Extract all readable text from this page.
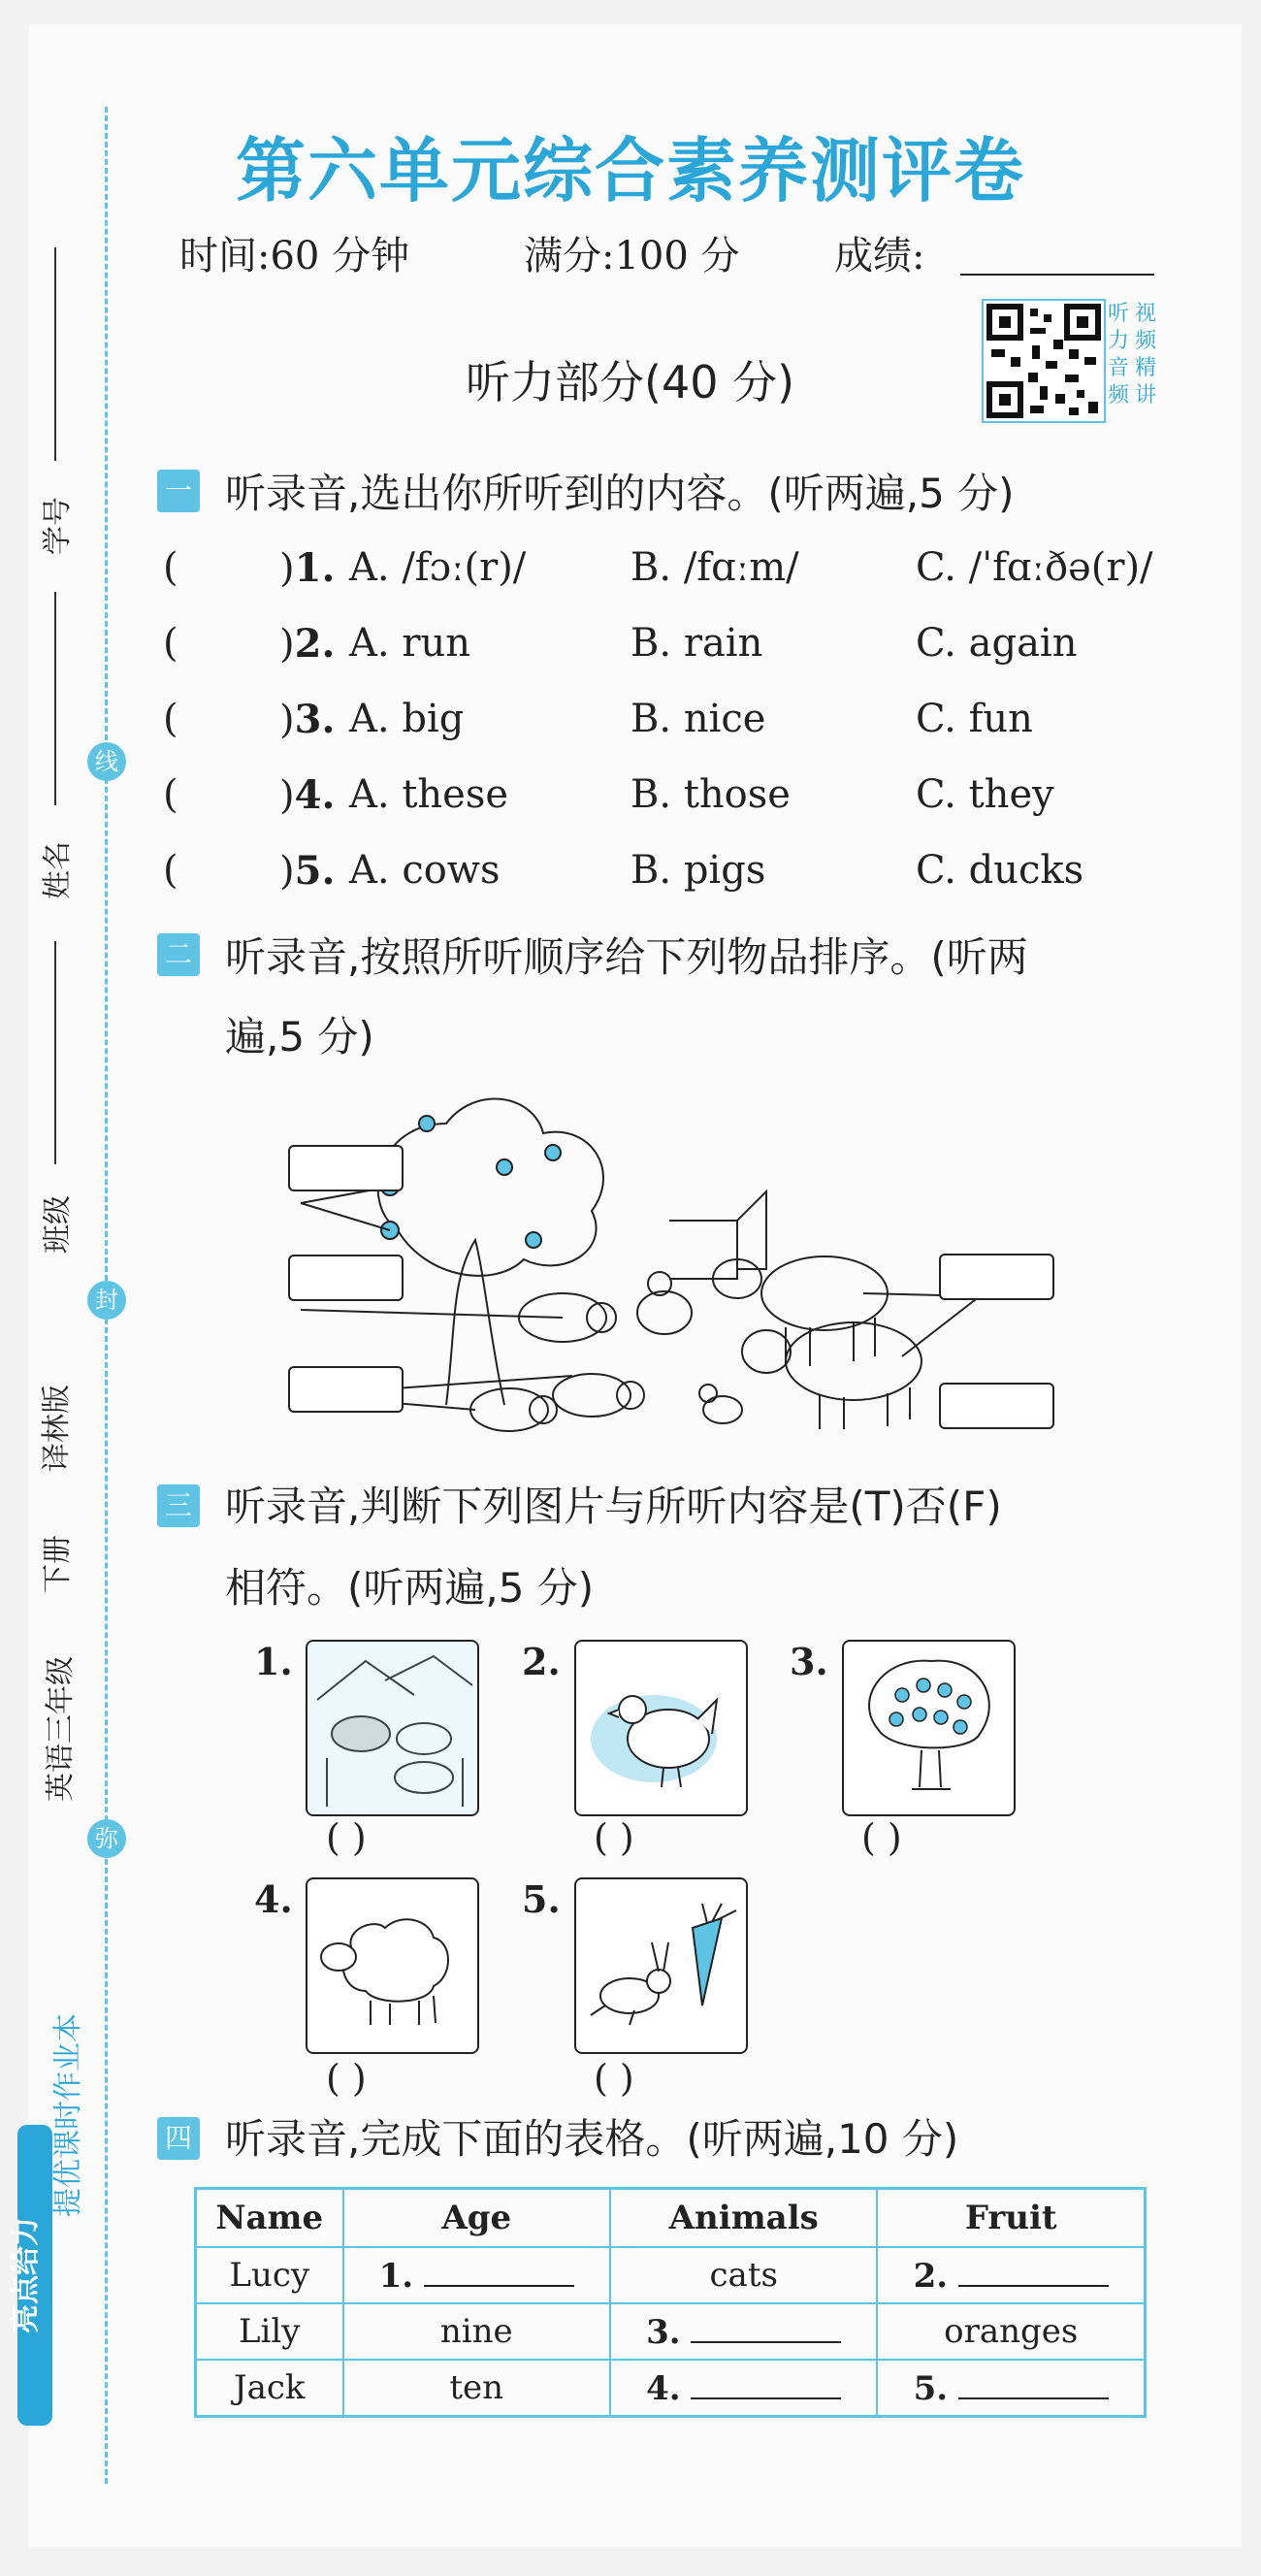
学号
姓名
班级
译林版
下册
英语三年级
线
封
弥
亮点给力
提优课时作业本
第六单元综合素养测评卷
时间:60 分钟	满分:100 分 成绩:
听
力
音
频
视
频
精
讲
听力部分(40 分)
一 听录音,选出你所听到的内容。(听两遍,5 分)
(	)1. A. /fɔː(r)/	B. /fɑːm/	C. /ˈfɑːðə(r)/
(	)2. A. run	B. rain	C. again
(	)3. A. big	B. nice	C. fun
(	)4. A. these	B. those	C. they
(	)5. A. cows	B. pigs	C. ducks
二 听录音,按照所听顺序给下列物品排序。(听两
遍,5 分)
三 听录音,判断下列图片与所听内容是(T)否(F)
相符。(听两遍,5 分)
1.
( )
2.
( )
3.
( )
4.
( )
5.
( )
四 听录音,完成下面的表格。(听两遍,10 分)
Name	Age	Animals	Fruit
Lucy	1.	cats	2.
Lily	nine	3.	oranges
Jack	ten	4.	5.
